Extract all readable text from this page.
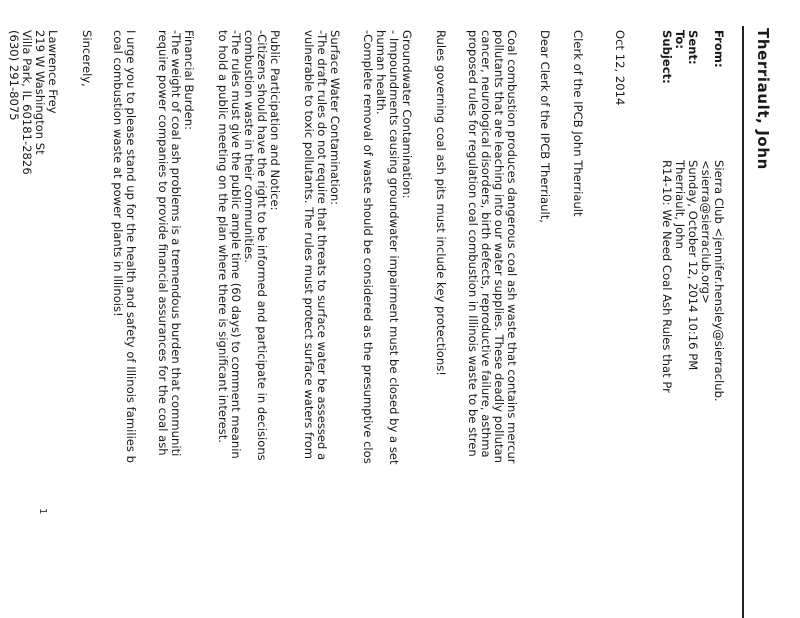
Therriault, John
From:
Sierra Club <jennifer.hensley@sierraclub.
<sierra@sierraclub.org>
Sent:
Sunday, October 12, 2014 10:16 PM
To:
Therriault, John
Subject:
R14-10: We Need Coal Ash Rules that Pr
Oct 12, 2014
Clerk of the IPCB John Therriault
Dear Clerk of the IPCB Therriault,
Coal combustion produces dangerous coal ash waste that contains mercur
pollutants that are leaching into our water supplies. These deadly pollutan
cancer, neurological disorders, birth defects, reproductive failure, asthma
proposed rules for regulation coal combustion in Illinois waste to be stren
Rules governing coal ash pits must include key protections!
Groundwater Contamination:
- Impoundments causing groundwater impairment must be closed by a set
human health.
-Complete removal of waste should be considered as the presumptive clos
Surface Water Contamination:
-The draft rules do not require that threats to surface water be assessed a
vulnerable to toxic pollutants. The rules must protect surface waters from
Public Participation and Notice:
-Citizens should have the right to be informed and participate in decisions
combustion waste in their communities.
-The rules must give the public ample time (60 days) to comment meanin
to hold a public meeting on the plan where there is significant interest.
Financial Burden:
-The weight of coal ash problems is a tremendous burden that communiti
require power companies to provide financial assurances for the coal ash
I urge you to please stand up for the health and safety of Illinois families b
coal combustion waste at power plants in Illinois!
Sincerely,
Lawrence Frey
219 W Washington St
Villa Park, IL 60181-2826
(630) 291-8075
1
